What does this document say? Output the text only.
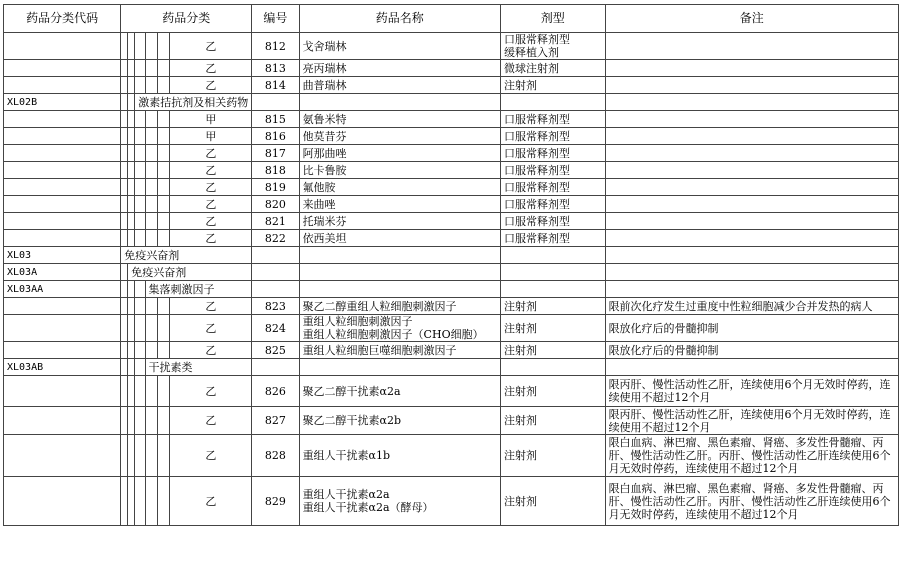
药品分类代码	药品分类						编号	药品名称	剂型	备注
						乙	812	戈舍瑞林	口服常释剂型
缓释植入剂	
						乙	813	亮丙瑞林	微球注射剂	
						乙	814	曲普瑞林	注射剂	
XL02B			激素拮抗剂及相关药物							
						甲	815	氨鲁米特	口服常释剂型	
						甲	816	他莫昔芬	口服常释剂型	
						乙	817	阿那曲唑	口服常释剂型	
						乙	818	比卡鲁胺	口服常释剂型	
						乙	819	氟他胺	口服常释剂型	
						乙	820	来曲唑	口服常释剂型	
						乙	821	托瑞米芬	口服常释剂型	
						乙	822	依西美坦	口服常释剂型	
XL03	免疫兴奋剂									
XL03A		免疫兴奋剂								
XL03AA				集落刺激因子						
						乙	823	聚乙二醇重组人粒细胞刺激因子	注射剂	限前次化疗发生过重度中性粒细胞减少合并发热的病人
						乙	824	重组人粒细胞刺激因子
重组人粒细胞刺激因子（CHO细胞）	注射剂	限放化疗后的骨髓抑制
						乙	825	重组人粒细胞巨噬细胞刺激因子	注射剂	限放化疗后的骨髓抑制
XL03AB				干扰素类						
						乙	826	聚乙二醇干扰素α2a	注射剂	限丙肝、慢性活动性乙肝，连续使用6个月无效时停药，连续使用不超过12个月
						乙	827	聚乙二醇干扰素α2b	注射剂	限丙肝、慢性活动性乙肝，连续使用6个月无效时停药，连续使用不超过12个月
						乙	828	重组人干扰素α1b	注射剂	限白血病、淋巴瘤、黑色素瘤、肾癌、多发性骨髓瘤、丙肝、慢性活动性乙肝。丙肝、慢性活动性乙肝连续使用6个月无效时停药，连续使用不超过12个月
						乙	829	重组人干扰素α2a
重组人干扰素α2a（酵母）	注射剂	限白血病、淋巴瘤、黑色素瘤、肾癌、多发性骨髓瘤、丙肝、慢性活动性乙肝。丙肝、慢性活动性乙肝连续使用6个月无效时停药，连续使用不超过12个月
